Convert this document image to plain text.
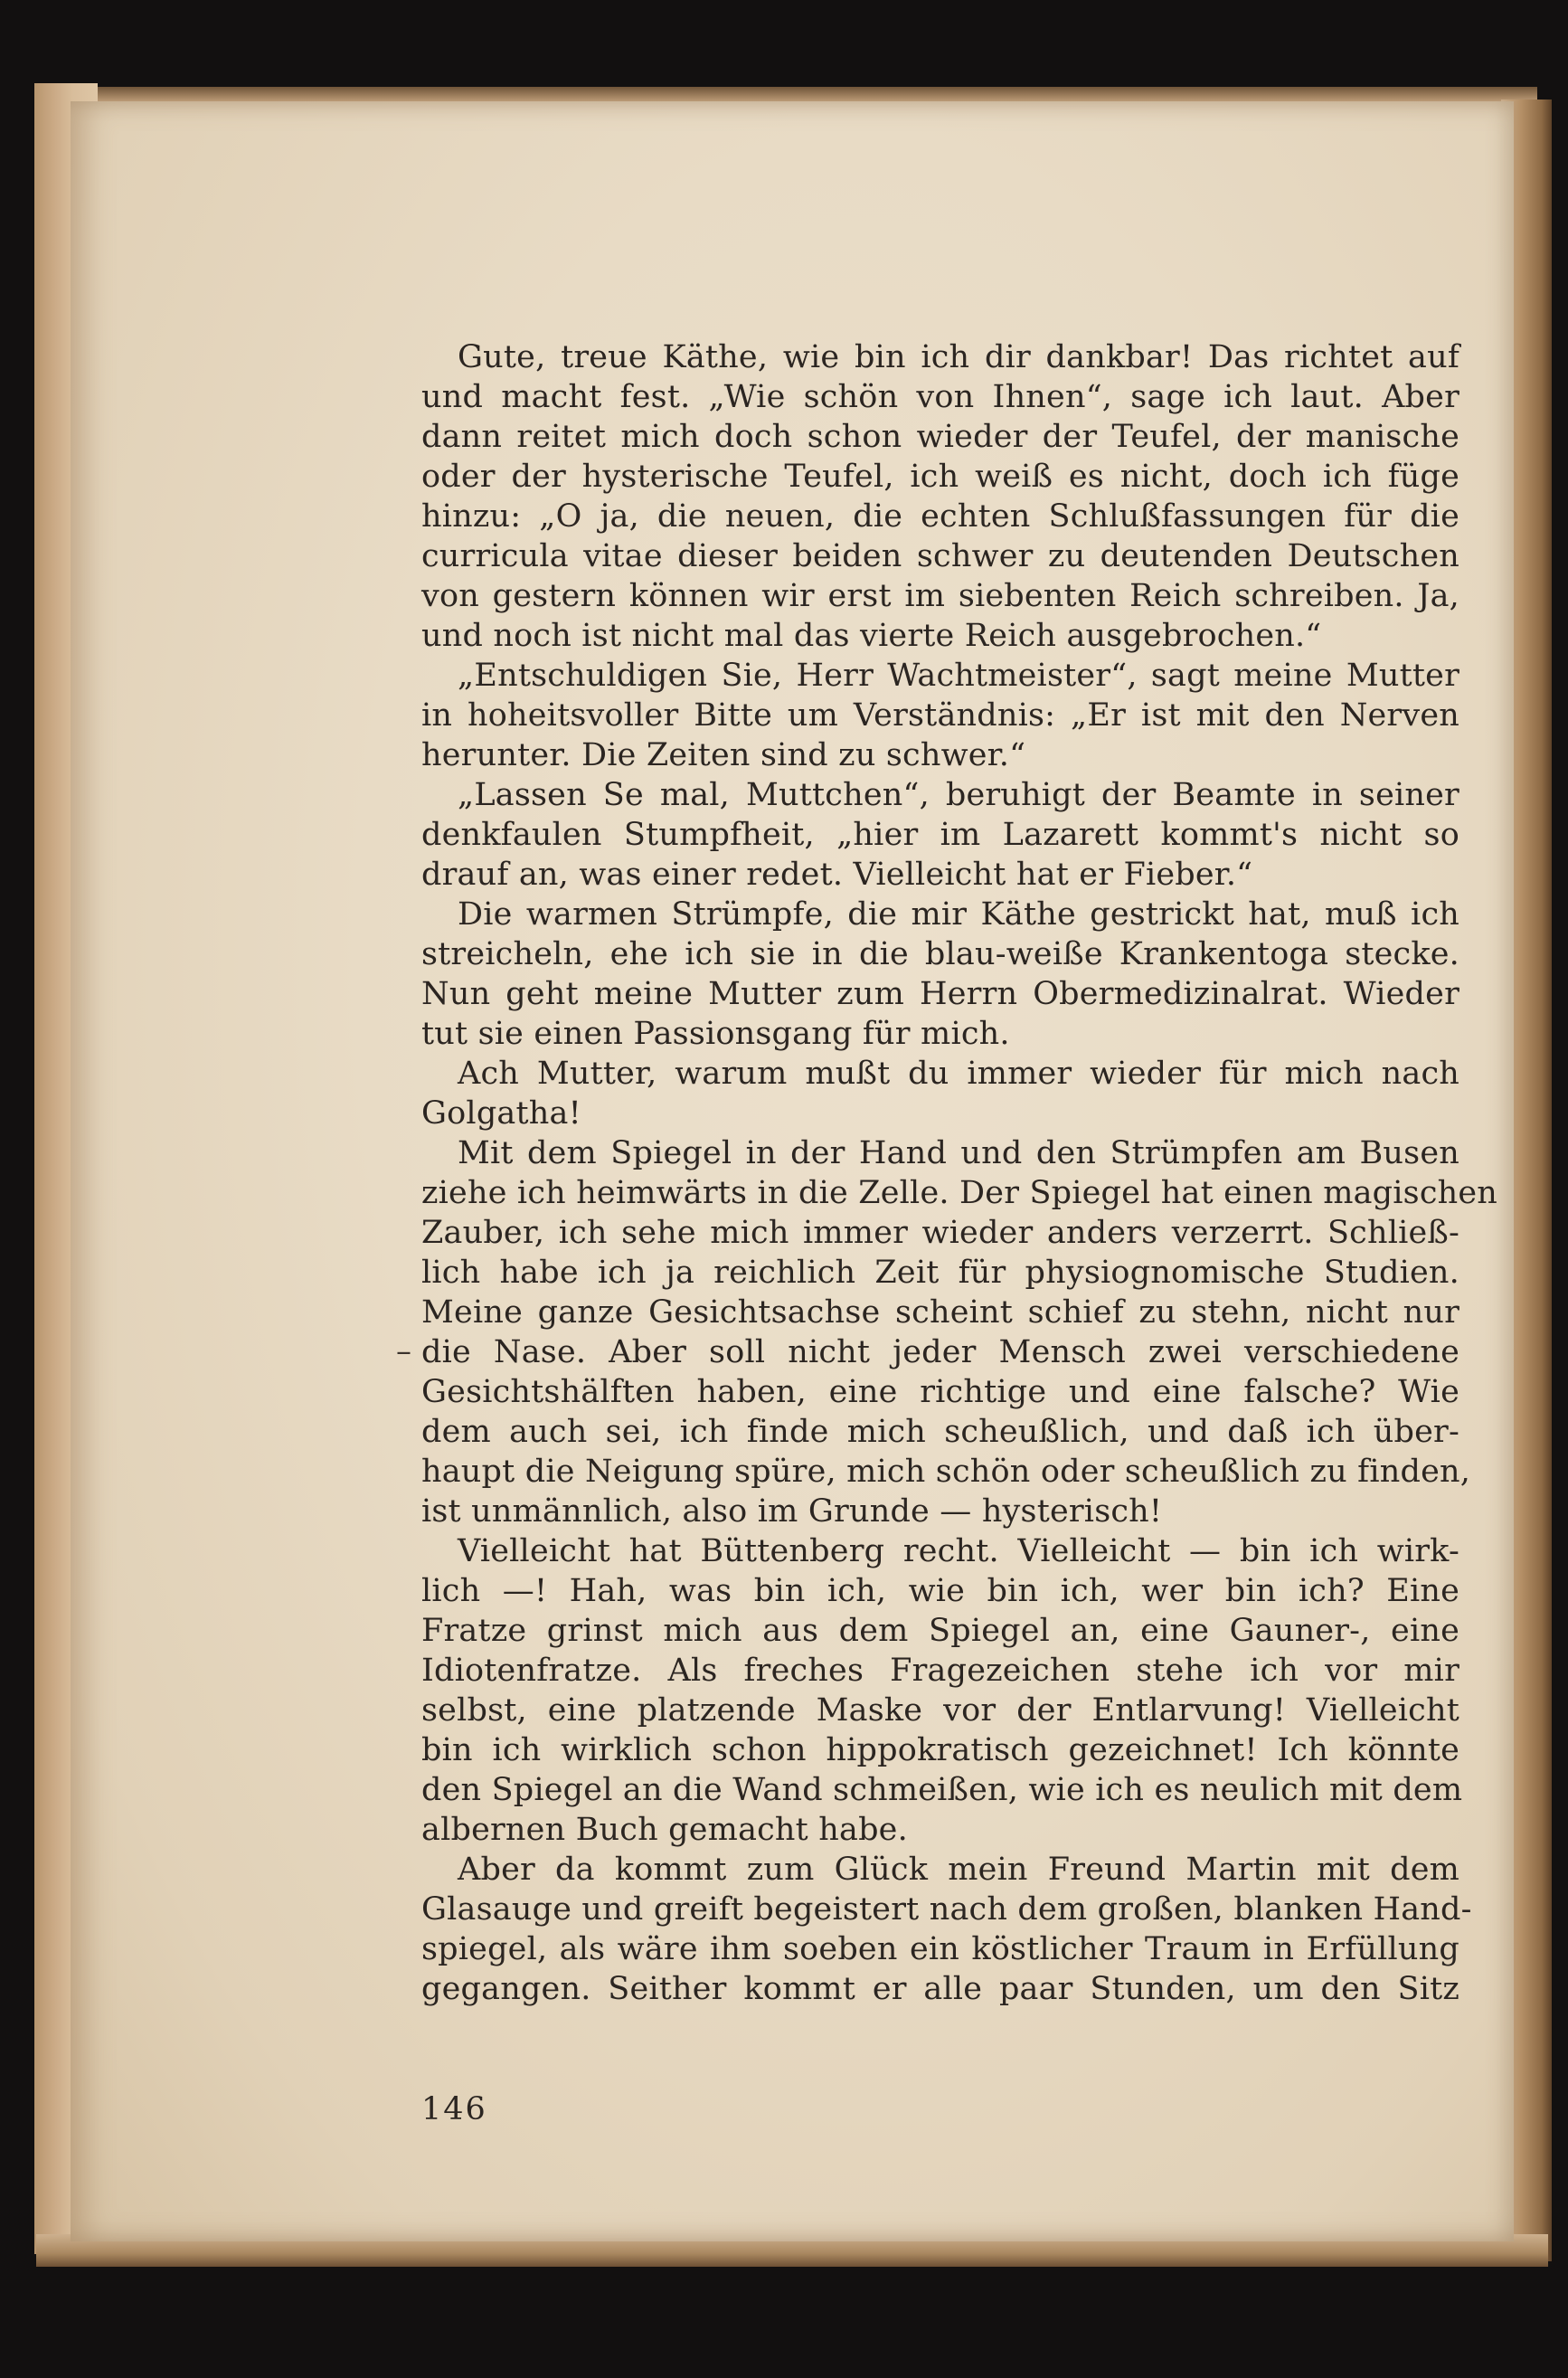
Gute, treue Käthe, wie bin ich dir dankbar! Das richtet auf
und macht fest. „Wie schön von Ihnen“, sage ich laut. Aber
dann reitet mich doch schon wieder der Teufel, der manische
oder der hysterische Teufel, ich weiß es nicht, doch ich füge
hinzu: „O ja, die neuen, die echten Schlußfassungen für die
curricula vitae dieser beiden schwer zu deutenden Deutschen
von gestern können wir erst im siebenten Reich schreiben. Ja,
und noch ist nicht mal das vierte Reich ausgebrochen.“
„Entschuldigen Sie, Herr Wachtmeister“, sagt meine Mutter
in hoheitsvoller Bitte um Verständnis: „Er ist mit den Nerven
herunter. Die Zeiten sind zu schwer.“
„Lassen Se mal, Muttchen“, beruhigt der Beamte in seiner
denkfaulen Stumpfheit, „hier im Lazarett kommt's nicht so
drauf an, was einer redet. Vielleicht hat er Fieber.“
Die warmen Strümpfe, die mir Käthe gestrickt hat, muß ich
streicheln, ehe ich sie in die blau-weiße Krankentoga stecke.
Nun geht meine Mutter zum Herrn Obermedizinalrat. Wieder
tut sie einen Passionsgang für mich.
Ach Mutter, warum mußt du immer wieder für mich nach
Golgatha!
Mit dem Spiegel in der Hand und den Strümpfen am Busen
ziehe ich heimwärts in die Zelle. Der Spiegel hat einen magischen
Zauber, ich sehe mich immer wieder anders verzerrt. Schließ-
lich habe ich ja reichlich Zeit für physiognomische Studien.
Meine ganze Gesichtsachse scheint schief zu stehn, nicht nur
die Nase. Aber soll nicht jeder Mensch zwei verschiedene
Gesichtshälften haben, eine richtige und eine falsche? Wie
dem auch sei, ich finde mich scheußlich, und daß ich über-
haupt die Neigung spüre, mich schön oder scheußlich zu finden,
ist unmännlich, also im Grunde — hysterisch!
Vielleicht hat Büttenberg recht. Vielleicht — bin ich wirk-
lich —! Hah, was bin ich, wie bin ich, wer bin ich? Eine
Fratze grinst mich aus dem Spiegel an, eine Gauner-, eine
Idiotenfratze. Als freches Fragezeichen stehe ich vor mir
selbst, eine platzende Maske vor der Entlarvung! Vielleicht
bin ich wirklich schon hippokratisch gezeichnet! Ich könnte
den Spiegel an die Wand schmeißen, wie ich es neulich mit dem
albernen Buch gemacht habe.
Aber da kommt zum Glück mein Freund Martin mit dem
Glasauge und greift begeistert nach dem großen, blanken Hand-
spiegel, als wäre ihm soeben ein köstlicher Traum in Erfüllung
gegangen. Seither kommt er alle paar Stunden, um den Sitz
–
146
